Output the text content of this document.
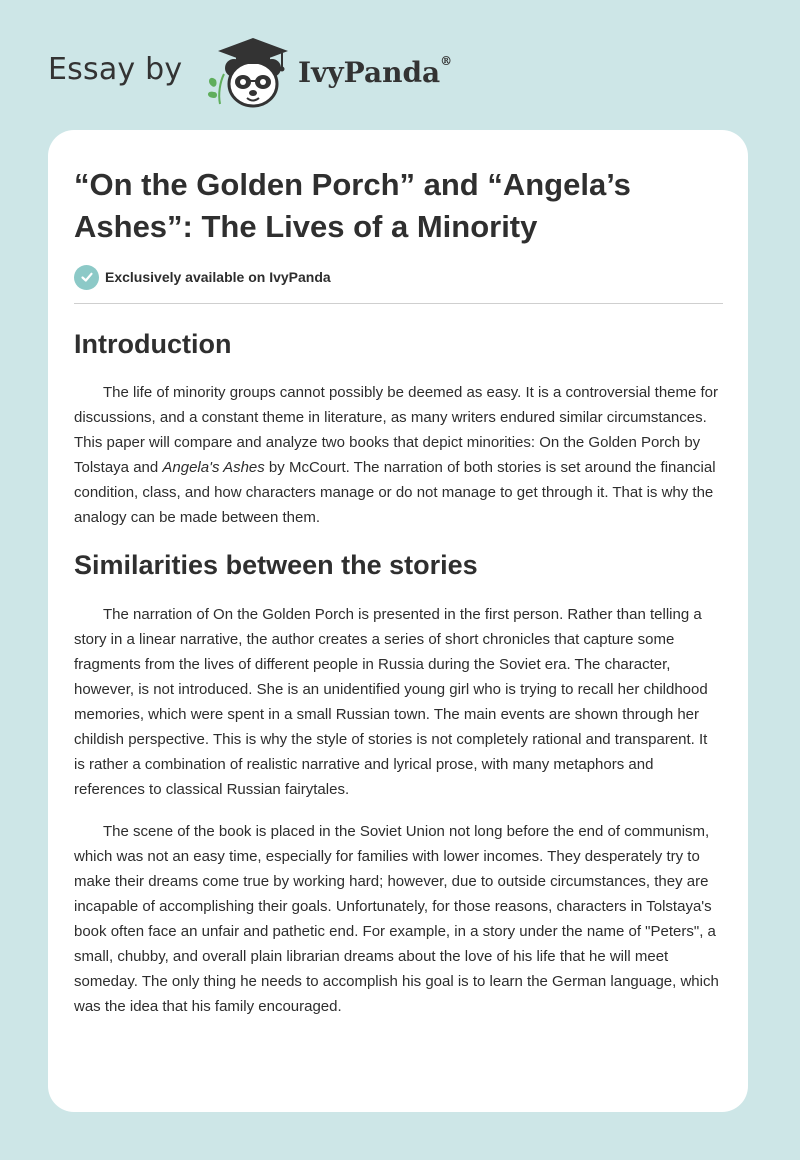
Essay by	IvyPanda®
“On the Golden Porch” and “Angela’s Ashes”: The Lives of a Minority
Exclusively available on IvyPanda
Introduction

The life of minority groups cannot possibly be deemed as easy. It is a controversial theme for discussions, and a constant theme in literature, as many writers endured similar circumstances. This paper will compare and analyze two books that depict minorities: On the Golden Porch by Tolstaya and Angela's Ashes by McCourt. The narration of both stories is set around the financial condition, class, and how characters manage or do not manage to get through it. That is why the analogy can be made between them.

Similarities between the stories

The narration of On the Golden Porch is presented in the first person. Rather than telling a story in a linear narrative, the author creates a series of short chronicles that capture some fragments from the lives of different people in Russia during the Soviet era. The character, however, is not introduced. She is an unidentified young girl who is trying to recall her childhood memories, which were spent in a small Russian town. The main events are shown through her childish perspective. This is why the style of stories is not completely rational and transparent. It is rather a combination of realistic narrative and lyrical prose, with many metaphors and references to classical Russian fairytales.

The scene of the book is placed in the Soviet Union not long before the end of communism, which was not an easy time, especially for families with lower incomes. They desperately try to make their dreams come true by working hard; however, due to outside circumstances, they are incapable of accomplishing their goals. Unfortunately, for those reasons, characters in Tolstaya's book often face an unfair and pathetic end. For example, in a story under the name of "Peters", a small, chubby, and overall plain librarian dreams about the love of his life that he will meet someday. The only thing he needs to accomplish his goal is to learn the German language, which was the idea that his family encouraged.
